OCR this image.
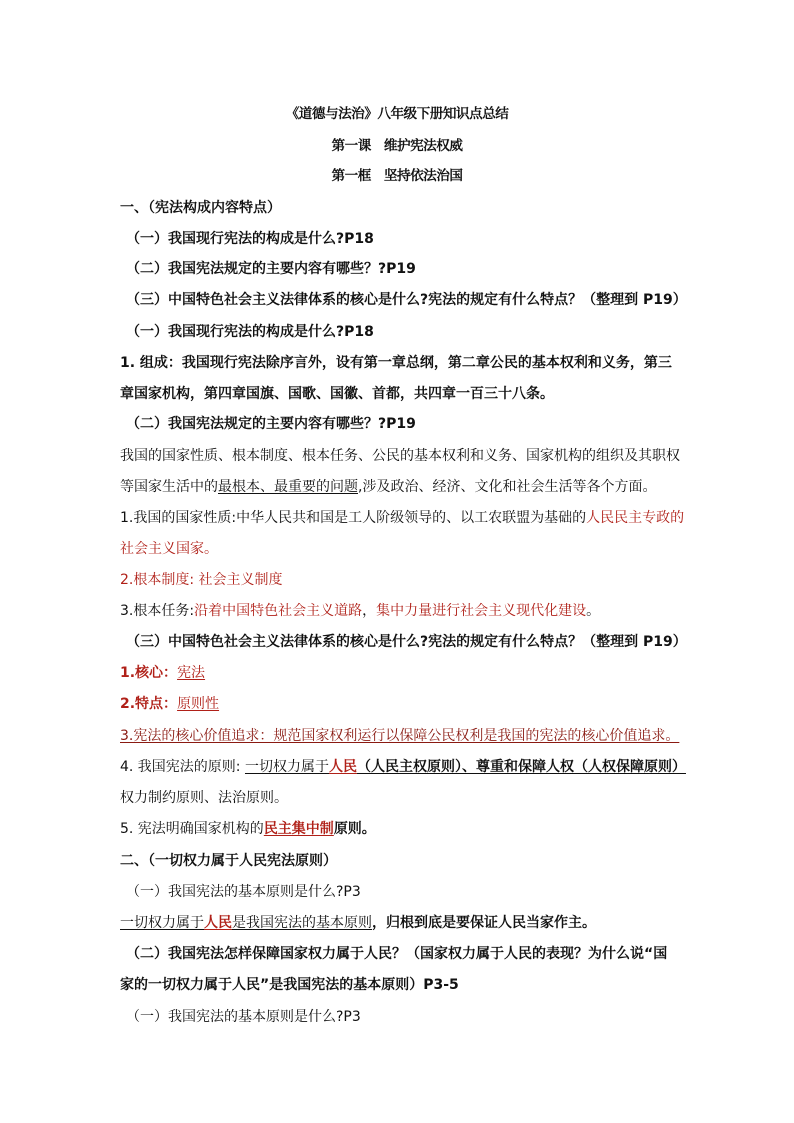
《道德与法治》八年级下册知识点总结
第一课　维护宪法权威
第一框　坚持依法治国
一、（宪法构成内容特点）
（一）我国现行宪法的构成是什么?P18
（二）我国宪法规定的主要内容有哪些？?P19
（三）中国特色社会主义法律体系的核心是什么?宪法的规定有什么特点？（整理到 P19）
（一）我国现行宪法的构成是什么?P18
1. 组成：我国现行宪法除序言外，设有第一章总纲，第二章公民的基本权利和义务，第三
章国家机构，第四章国旗、国歌、国徽、首都，共四章一百三十八条。
（二）我国宪法规定的主要内容有哪些？?P19
我国的国家性质、根本制度、根本任务、公民的基本权利和义务、国家机构的组织及其职权
等国家生活中的最根本、最重要的问题,涉及政治、经济、文化和社会生活等各个方面。
1.我国的国家性质:中华人民共和国是工人阶级领导的、以工农联盟为基础的人民民主专政的
社会主义国家。
2.根本制度: 社会主义制度
3.根本任务:沿着中国特色社会主义道路，集中力量进行社会主义现代化建设。
（三）中国特色社会主义法律体系的核心是什么?宪法的规定有什么特点？（整理到 P19）
1.核心：宪法
2.特点：原则性
3.宪法的核心价值追求：规范国家权利运行以保障公民权利是我国的宪法的核心价值追求。
4. 我国宪法的原则: 一切权力属于人民（人民主权原则）、尊重和保障人权（人权保障原则）
权力制约原则、法治原则。
5. 宪法明确国家机构的民主集中制原则。
二、（一切权力属于人民宪法原则）
（一）我国宪法的基本原则是什么?P3
一切权力属于人民是我国宪法的基本原则，归根到底是要保证人民当家作主。
（二）我国宪法怎样保障国家权力属于人民？（国家权力属于人民的表现？为什么说“国
家的一切权力属于人民”是我国宪法的基本原则）P3-5
（一）我国宪法的基本原则是什么?P3
